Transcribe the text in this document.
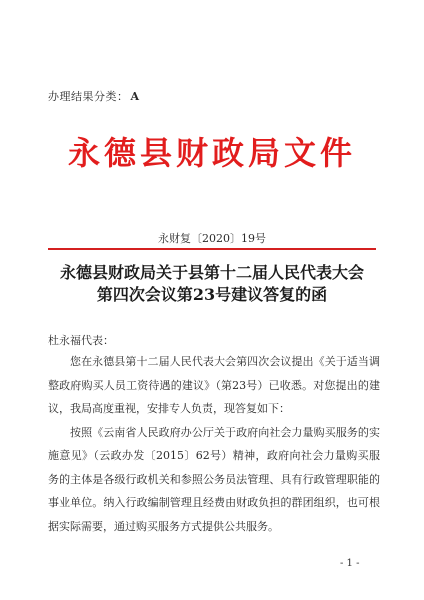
办理结果分类： A
永德县财政局文件
永财复〔2020〕19号
永德县财政局关于县第十二届人民代表大会
第四次会议第23号建议答复的函
杜永福代表：

您在永德县第十二届人民代表大会第四次会议提出《关于适当调整政府购买人员工资待遇的建议》（第23号）已收悉。对您提出的建议，我局高度重视，安排专人负责，现答复如下：

按照《云南省人民政府办公厅关于政府向社会力量购买服务的实施意见》（云政办发〔2015〕62号）精神，政府向社会力量购买服务的主体是各级行政机关和参照公务员法管理、具有行政管理职能的事业单位。纳入行政编制管理且经费由财政负担的群团组织，也可根据实际需要，通过购买服务方式提供公共服务。

- 1 -
